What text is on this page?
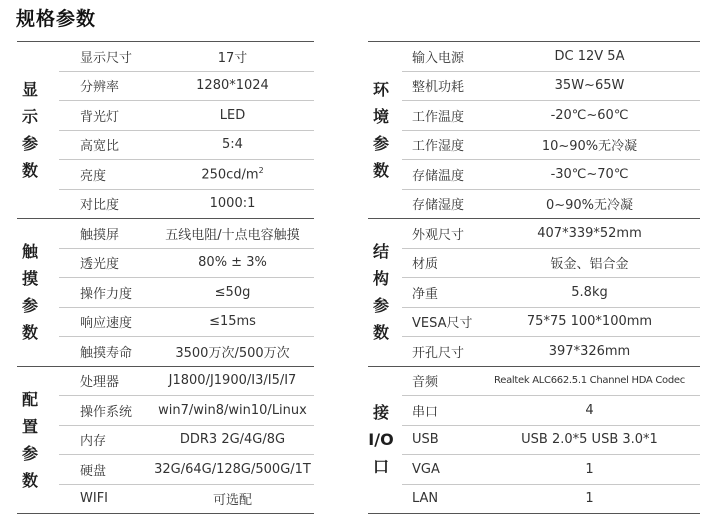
规格参数
显
示
参
数
显示尺寸	17寸
分辨率	1280*1024
背光灯	LED
高宽比	5:4
亮度	$250cd/m^2$
对比度	1000:1
触
摸
参
数
触摸屏	五线电阻/十点电容触摸
透光度	80% ± 3%
操作力度	≤50g
响应速度	≤15ms
触摸寿命	3500万次/500万次
配
置
参
数
处理器	J1800/J1900/I3/I5/I7
操作系统	win7/win8/win10/Linux
内存	DDR3 2G/4G/8G
硬盘	32G/64G/128G/500G/1T
WIFI	可选配
环
境
参
数
输入电源	DC 12V 5A
整机功耗	35W~65W
工作温度	-20℃~60℃
工作湿度	10~90%无冷凝
存储温度	-30℃~70℃
存储湿度	0~90%无冷凝
结
构
参
数
外观尺寸	407*339*52mm
材质	钣金、铝合金
净重	5.8kg
VESA尺寸	75*75 100*100mm
开孔尺寸	397*326mm
接
I/O
口
音频	Realtek ALC662.5.1 Channel HDA Codec
串口	4
USB	USB 2.0*5 USB 3.0*1
VGA	1
LAN	1
